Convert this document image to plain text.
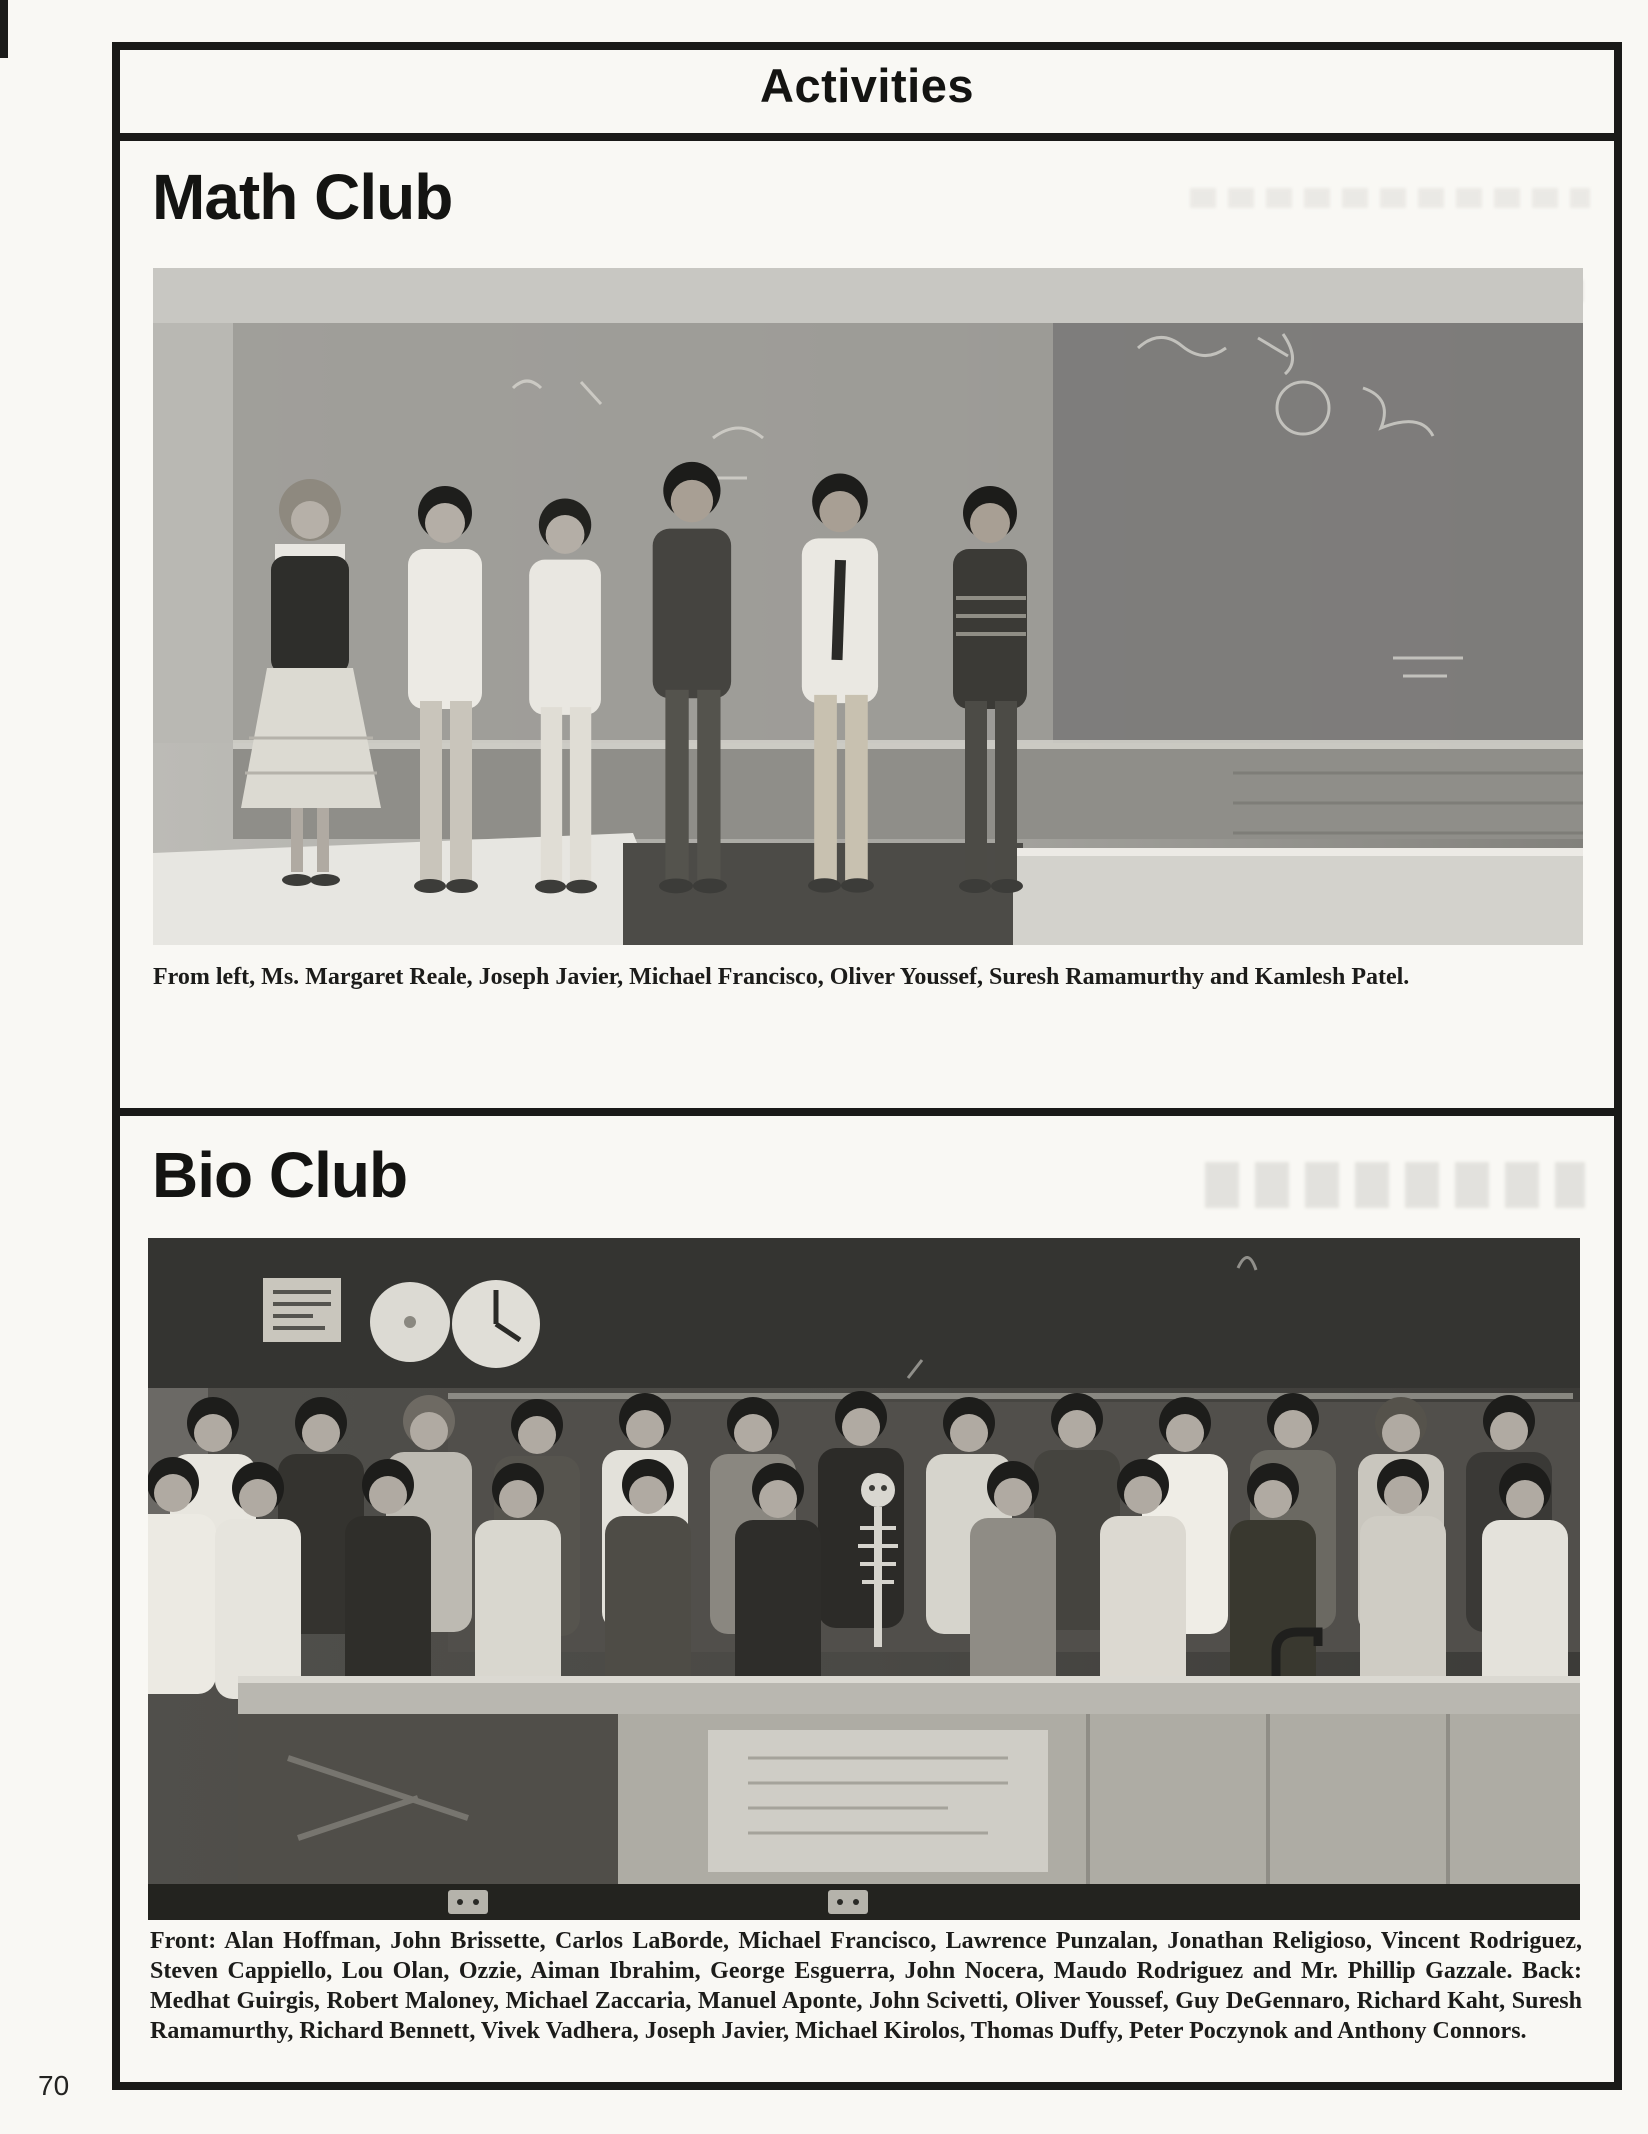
Activities
Math Club
From left, Ms. Margaret Reale, Joseph Javier, Michael Francisco, Oliver Youssef, Suresh Ramamurthy and Kamlesh Patel.
Bio Club
Front: Alan Hoffman, John Brissette, Carlos LaBorde, Michael Francisco, Lawrence Punzalan, Jonathan Religioso, Vincent Rodriguez, Steven Cappiello, Lou Olan, Ozzie, Aiman Ibrahim, George Esguerra, John Nocera, Maudo Rodriguez and Mr. Phillip Gazzale. Back: Medhat Guirgis, Robert Maloney, Michael Zaccaria, Manuel Aponte, John Scivetti, Oliver Youssef, Guy DeGennaro, Richard Kaht, Suresh Ramamurthy, Richard Bennett, Vivek Vadhera, Joseph Javier, Michael Kirolos, Thomas Duffy, Peter Poczynok and Anthony Connors.
70
